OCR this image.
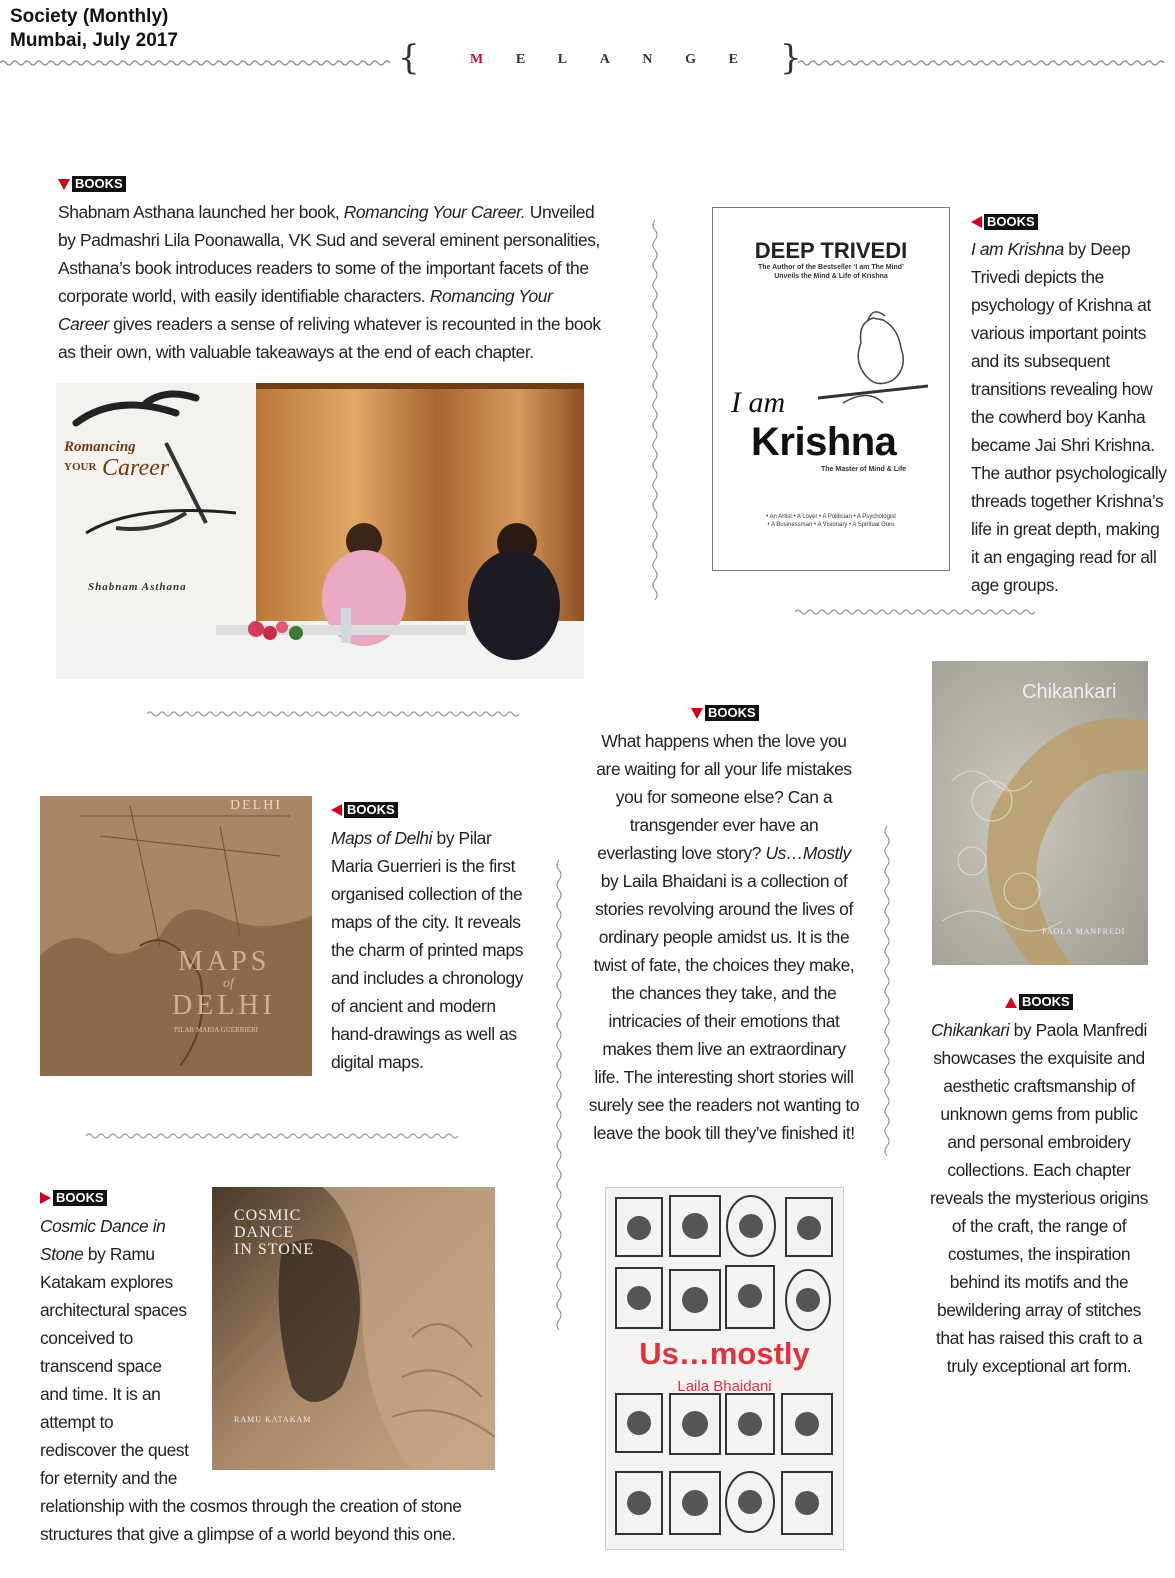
Society (Monthly)
Mumbai, July 2017	{	M E L A N G E }
BOOKS
Shabnam Asthana launched her book, Romancing Your Career. Unveiled by Padmashri Lila Poonawalla, VK Sud and several eminent personalities, Asthana’s book introduces readers to some of the important facets of the corporate world, with easily identifiable characters. Romancing Your Career gives readers a sense of reliving whatever is recounted in the book as their own, with valuable takeaways at the end of each chapter.
Romancing
YOUR Career
Shabnam Asthana
DEEP TRIVEDI
The Author of the Bestseller ‘I am The Mind’
Unveils the Mind & Life of Krishna
I am
Krishna
The Master of Mind & Life
• An Artist • A Lover • A Politician • A Psychologist
• A Businessman • A Visionary • A Spiritual Guru
BOOKS
I am Krishna by Deep Trivedi depicts the psychology of Krishna at various important points and its subsequent transitions revealing how the cowherd boy Kanha became Jai Shri Krishna. The author psychologically threads together Krishna’s life in great depth, making it an engaging read for all age groups.
DELHI
MAPS
of
DELHI
PILAR MARIA GUERRIERI
BOOKS
Maps of Delhi by Pilar Maria Guerrieri is the first organised collection of the maps of the city. It reveals the charm of printed maps and includes a chronology of ancient and modern hand-drawings as well as digital maps.
BOOKS
What happens when the love you are waiting for all your life mistakes you for someone else? Can a transgender ever have an everlasting love story? Us…Mostly by Laila Bhaidani is a collection of stories revolving around the lives of ordinary people amidst us. It is the twist of fate, the choices they make, the chances they take, and the intricacies of their emotions that makes them live an extraordinary life. The interesting short stories will surely see the readers not wanting to leave the book till they’ve finished it!
Us…mostly
Laila Bhaidani
Chikankari
PAOLA MANFREDI
BOOKS
Chikankari by Paola Manfredi showcases the exquisite and aesthetic craftsmanship of unknown gems from public and personal embroidery collections. Each chapter reveals the mysterious origins of the craft, the range of costumes, the inspiration behind its motifs and the bewildering array of stitches that has raised this craft to a truly exceptional art form.
BOOKS
COSMIC
DANCE
IN STONE
RAMU KATAKAM
Cosmic Dance in Stone by Ramu Katakam explores architectural spaces conceived to transcend space and time. It is an attempt to rediscover the quest for eternity and the relationship with the cosmos through the creation of stone structures that give a glimpse of a world beyond this one.
